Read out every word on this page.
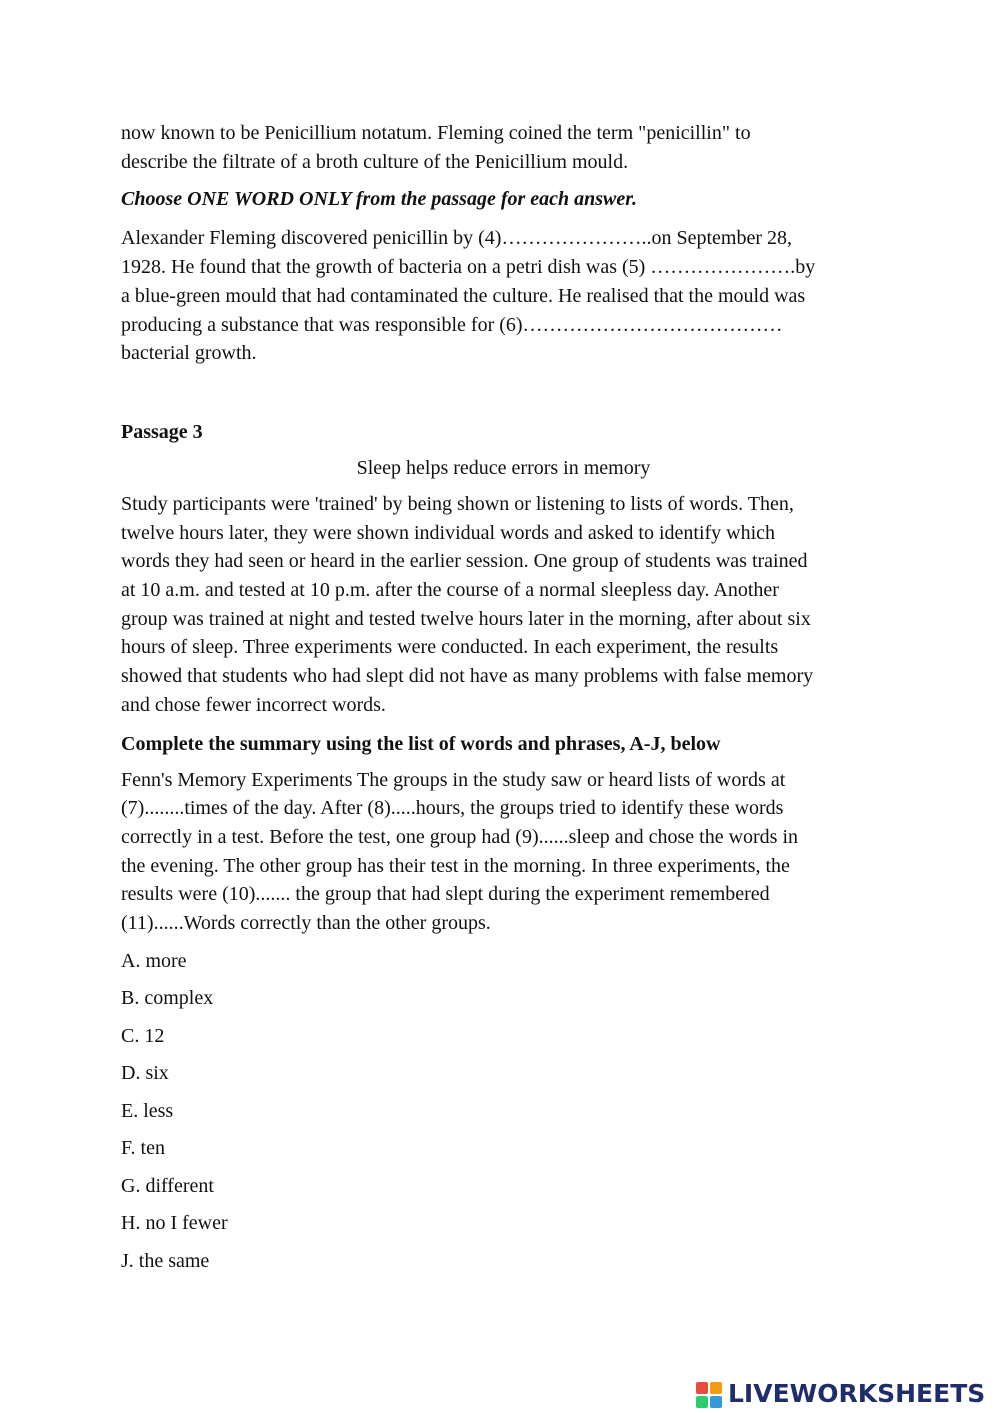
now known to be Penicillium notatum. Fleming coined the term "penicillin" to
describe the filtrate of a broth culture of the Penicillium mould.

Choose ONE WORD ONLY from the passage for each answer.

Alexander Fleming discovered penicillin by (4)…………………..on September 28,
1928. He found that the growth of bacteria on a petri dish was (5) ………………….by
a blue-green mould that had contaminated the culture. He realised that the mould was
producing a substance that was responsible for (6)…………………………………
bacterial growth.

Passage 3

Sleep helps reduce errors in memory

Study participants were 'trained' by being shown or listening to lists of words. Then,
twelve hours later, they were shown individual words and asked to identify which
words they had seen or heard in the earlier session. One group of students was trained
at 10 a.m. and tested at 10 p.m. after the course of a normal sleepless day. Another
group was trained at night and tested twelve hours later in the morning, after about six
hours of sleep. Three experiments were conducted. In each experiment, the results
showed that students who had slept did not have as many problems with false memory
and chose fewer incorrect words.

Complete the summary using the list of words and phrases, A-J, below

Fenn's Memory Experiments The groups in the study saw or heard lists of words at
(7)........times of the day. After (8).....hours, the groups tried to identify these words
correctly in a test. Before the test, one group had (9)......sleep and chose the words in
the evening. The other group has their test in the morning. In three experiments, the
results were (10)....... the group that had slept during the experiment remembered
(11)......Words correctly than the other groups.

A. more

B. complex

C. 12

D. six

E. less

F. ten

G. different

H. no I fewer

J. the same

LIVEWORKSHEETS
